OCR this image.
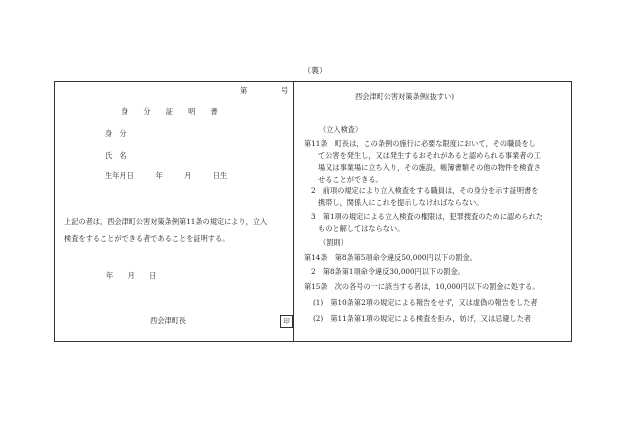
（裏）
第	号
身　分　証　明　書
身　分
氏　名
生年月日　　　年　　　月　　　日生
上記の者は，西会津町公害対策条例第11条の規定により，立入
検査をすることができる者であることを証明する。
年　　月　　日
西会津町長	印
西会津町公害対策条例(抜すい)
（立入検査）
第11条　町長は，この条例の施行に必要な限度において，その職員をし
て公害を発生し，又は発生するおそれがあると認められる事業者の工
場又は事業場に立ち入り，その施設，帳簿書類その他の物件を検査さ
せることができる。
2　前項の規定により立入検査をする職員は，その身分を示す証明書を
携帯し，関係人にこれを提示しなければならない。
3　第1項の規定による立入検査の権限は，犯罪捜査のために認められた
ものと解してはならない。
（罰則）
第14条　第8条第5項命令違反50,000円以下の罰金。
2　第8条第1項命令違反30,000円以下の罰金。
第15条　次の各号の一に該当する者は，10,000円以下の罰金に処する。
(1)　第10条第2項の規定による報告をせず，又は虚偽の報告をした者
(2)　第11条第1項の規定による検査を拒み，妨げ，又は忌避した者
